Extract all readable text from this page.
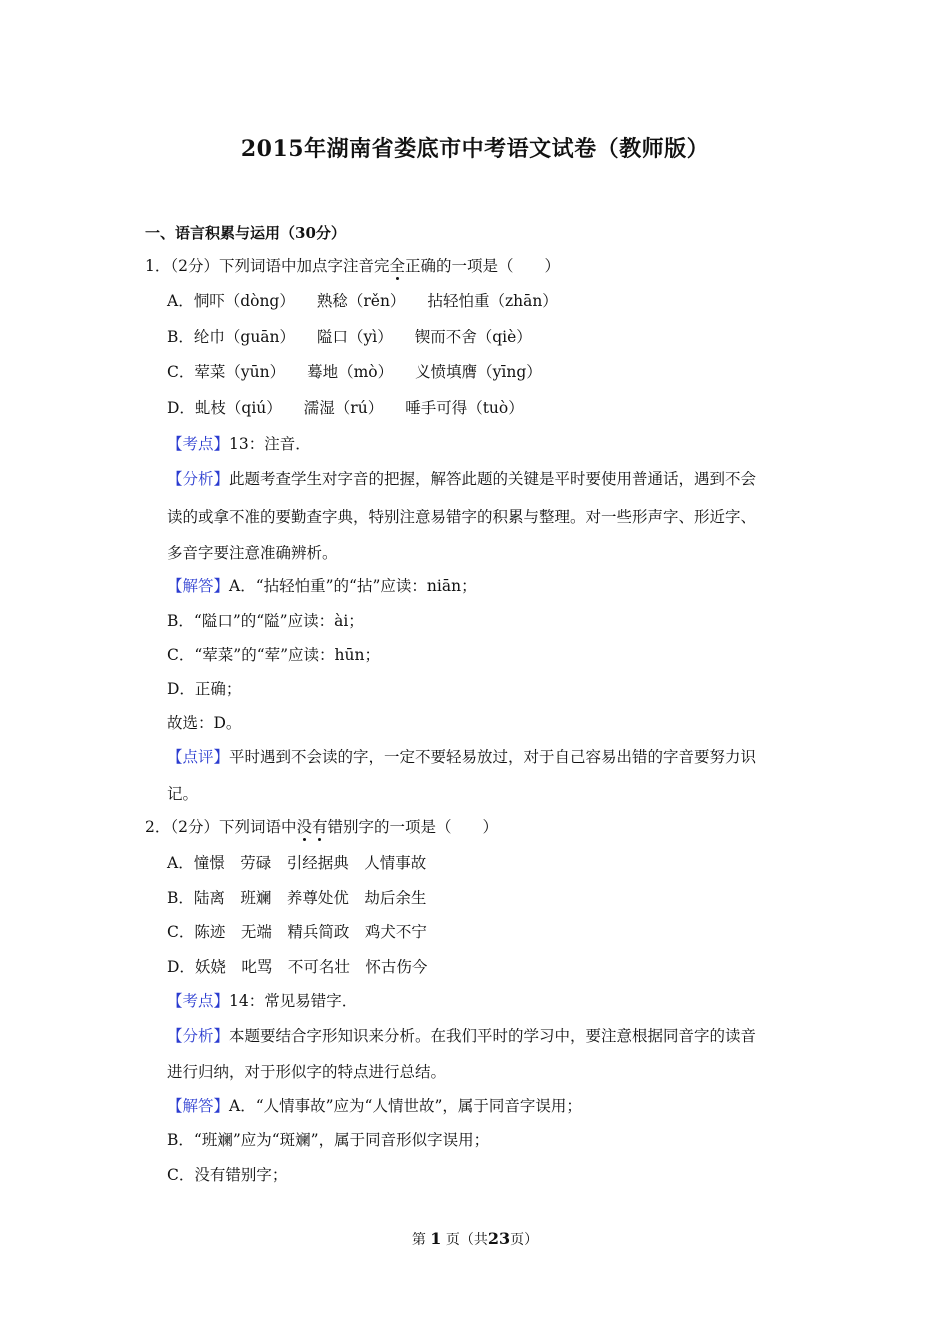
2015年湖南省娄底市中考语文试卷（教师版）
一、语言积累与运用（30分）
1．（2分）下列词语中加点字注音完全正确的一项是（　　）
A．恫吓（dòng） 熟稔（rěn） 拈轻怕重（zhān）
B．纶巾（guān） 隘口（yì） 锲而不舍（qiè）
C．荤菜（yūn） 蓦地（mò） 义愤填膺（yīng）
D．虬枝（qiú） 濡湿（rú） 唾手可得（tuò）
【考点】13：注音．
【分析】此题考查学生对字音的把握，解答此题的关键是平时要使用普通话，遇到不会
读的或拿不准的要勤查字典，特别注意易错字的积累与整理。对一些形声字、形近字、
多音字要注意准确辨析。
【解答】A．“拈轻怕重”的“拈”应读：niān；
B．“隘口”的“隘”应读：ài；
C．“荤菜”的“荤”应读：hūn；
D．正确；
故选：D。
【点评】平时遇到不会读的字，一定不要轻易放过，对于自己容易出错的字音要努力识
记。
2．（2分）下列词语中没有错别字的一项是（　　）
A．憧憬　劳碌　引经据典　人情事故
B．陆离　班斓　养尊处优　劫后余生
C．陈迹　无端　精兵简政　鸡犬不宁
D．妖娆　叱骂　不可名壮　怀古伤今
【考点】14：常见易错字．
【分析】本题要结合字形知识来分析。在我们平时的学习中，要注意根据同音字的读音
进行归纳，对于形似字的特点进行总结。
【解答】A．“人情事故”应为“人情世故”，属于同音字误用；
B．“班斓”应为“斑斓”，属于同音形似字误用；
C．没有错别字；
第 1 页（共23页）
